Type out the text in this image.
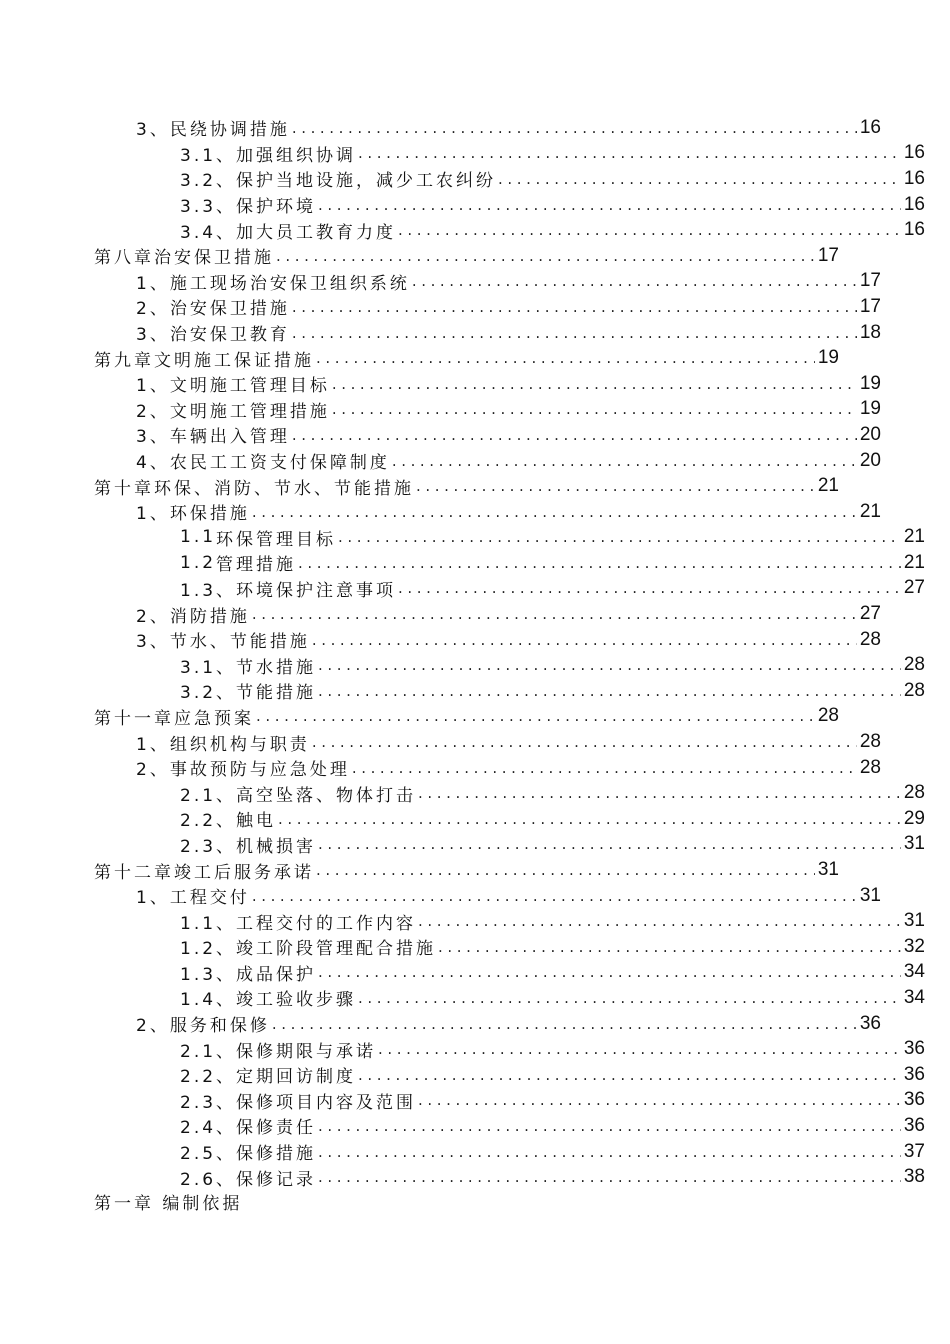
3、 民绕协调措施 .....	16
3.1、 加强组织协调 .....	16
3.2、 保护当地设施，减少工农纠纷 .....	16
3.3、 保护环境 .....	16
3.4、 加大员工教育力度 .....	16
第八章 治安保卫措施 .....	17
1、 施工现场治安保卫组织系统 .....	17
2、 治安保卫措施 .....	17
3、 治安保卫教育 .....	18
第九章 文明施工保证措施 .....	19
1、 文明施工管理目标 .....	19
2、 文明施工管理措施 .....	19
3、 车辆出入管理 .....	20
4、 农民工工资支付保障制度 .....	20
第十章 环保、消防、节水、节能措施 .....	21
1、 环保措施 .....	21
1.1 环保管理目标 .....	21
1.2 管理措施 .....	21
1.3、 环境保护注意事项 .....	27
2、 消防措施 .....	27
3、 节水、节能措施 .....	28
3.1、 节水措施 .....	28
3.2、 节能措施 .....	28
第十一章 应急预案 .....	28
1、 组织机构与职责 .....	28
2、 事故预防与应急处理 .....	28
2.1、 高空坠落、物体打击 .....	28
2.2、 触电 .....	29
2.3、 机械损害 .....	31
第十二章 竣工后服务承诺 .....	31
1、 工程交付 .....	31
1.1、 工程交付的工作内容 .....	31
1.2、 竣工阶段管理配合措施 .....	32
1.3、 成品保护 .....	34
1.4、 竣工验收步骤 .....	34
2、 服务和保修 .....	36
2.1、 保修期限与承诺 .....	36
2.2、 定期回访制度 .....	36
2.3、 保修项目内容及范围 .....	36
2.4、 保修责任 .....	36
2.5、 保修措施 .....	37
2.6、 保修记录 .....	38
第一章 编制依据
